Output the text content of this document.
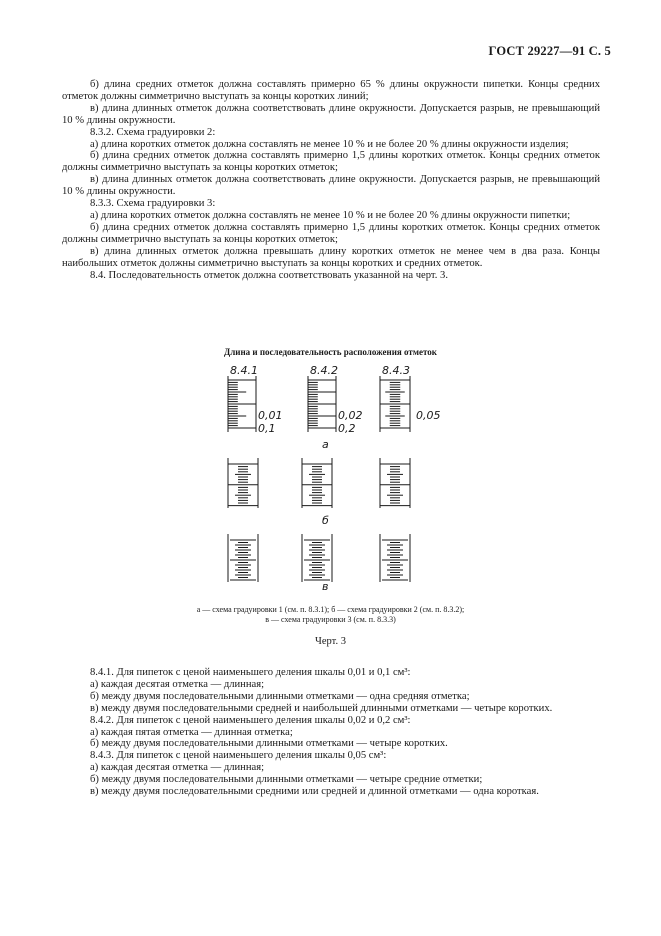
ГОСТ 29227—91 С. 5

б) длина средних отметок должна составлять примерно 65 % длины окружности пипетки. Концы средних отметок должны симметрично выступать за концы коротких линий;

в) длина длинных отметок должна соответствовать длине окружности. Допускается разрыв, не превышающий 10 % длины окружности.

8.3.2. Схема градуировки 2:

а) длина коротких отметок должна составлять не менее 10 % и не более 20 % длины окружности изделия;

б) длина средних отметок должна составлять примерно 1,5 длины коротких отметок. Концы средних отметок должны симметрично выступать за концы коротких отметок;

в) длина длинных отметок должна соответствовать длине окружности. Допускается разрыв, не превышающий 10 % длины окружности.

8.3.3. Схема градуировки 3:

а) длина коротких отметок должна составлять не менее 10 % и не более 20 % длины окружности пипетки;

б) длина средних отметок должна составлять примерно 1,5 длины коротких отметок. Концы средних отметок должны симметрично выступать за концы коротких отметок;

в) длина длинных отметок должна превышать длину коротких отметок не менее чем в два раза. Концы наибольших отметок должны симметрично выступать за концы коротких и средних отметок.

8.4. Последовательность отметок должна соответствовать указанной на черт. 3.

Длина и последовательность расположения отметок
8.4.1	8.4.2	8.4.3
0,01
0,1
0,02
0,2
0,05
а
б
в
а — схема градуировки 1 (см. п. 8.3.1); б — схема градуировки 2 (см. п. 8.3.2);
в — схема градуировки 3 (см. п. 8.3.3)
Черт. 3

8.4.1. Для пипеток с ценой наименьшего деления шкалы 0,01 и 0,1 см³:

а) каждая десятая отметка — длинная;

б) между двумя последовательными длинными отметками — одна средняя отметка;

в) между двумя последовательными средней и наибольшей длинными отметками — четыре коротких.

8.4.2. Для пипеток с ценой наименьшего деления шкалы 0,02 и 0,2 см³:

а) каждая пятая отметка — длинная отметка;

б) между двумя последовательными длинными отметками — четыре коротких.

8.4.3. Для пипеток с ценой наименьшего деления шкалы 0,05 см³:

а) каждая десятая отметка — длинная;

б) между двумя последовательными длинными отметками — четыре средние отметки;

в) между двумя последовательными средними или средней и длинной отметками — одна короткая.
